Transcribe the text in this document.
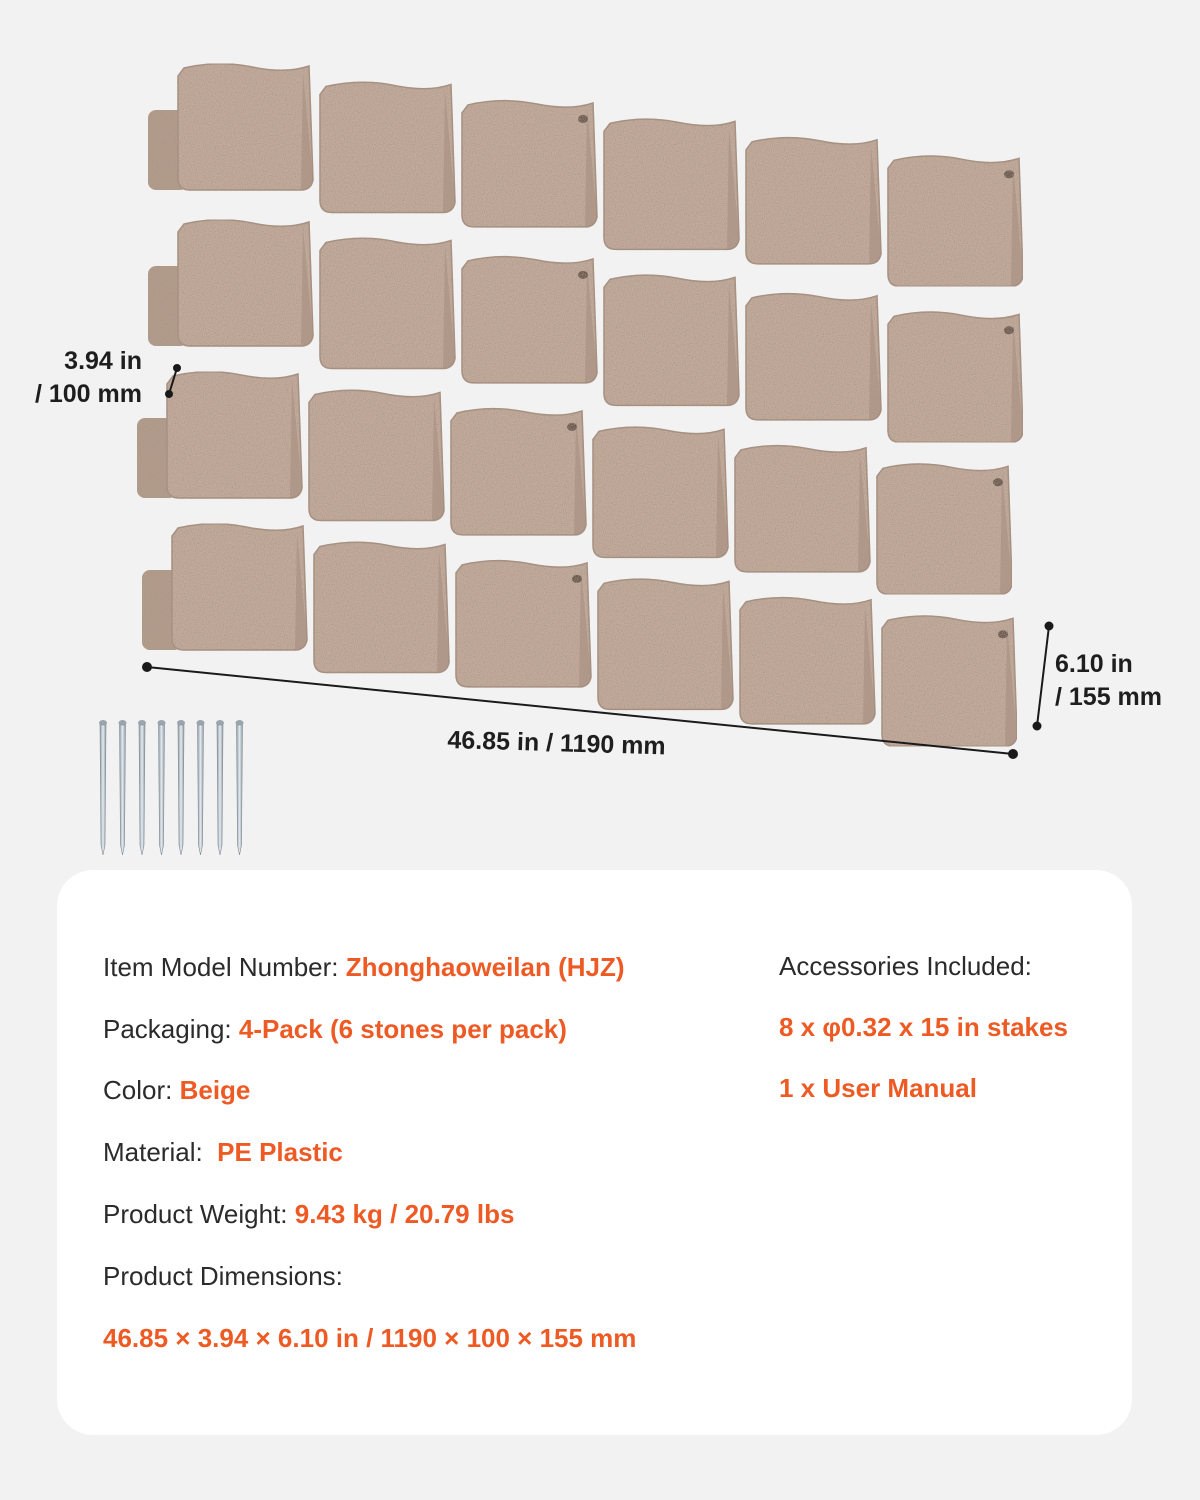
3.94 in
/ 100 mm
6.10 in
/ 155 mm
46.85 in / 1190 mm
Item Model Number: Zhonghaoweilan (HJZ)
Packaging: 4-Pack (6 stones per pack)
Color: Beige
Material:  PE Plastic
Product Weight: 9.43 kg / 20.79 lbs
Product Dimensions:
46.85 × 3.94 × 6.10 in / 1190 × 100 × 155 mm
Accessories Included:
8 x φ0.32 x 15 in stakes
1 x User Manual
